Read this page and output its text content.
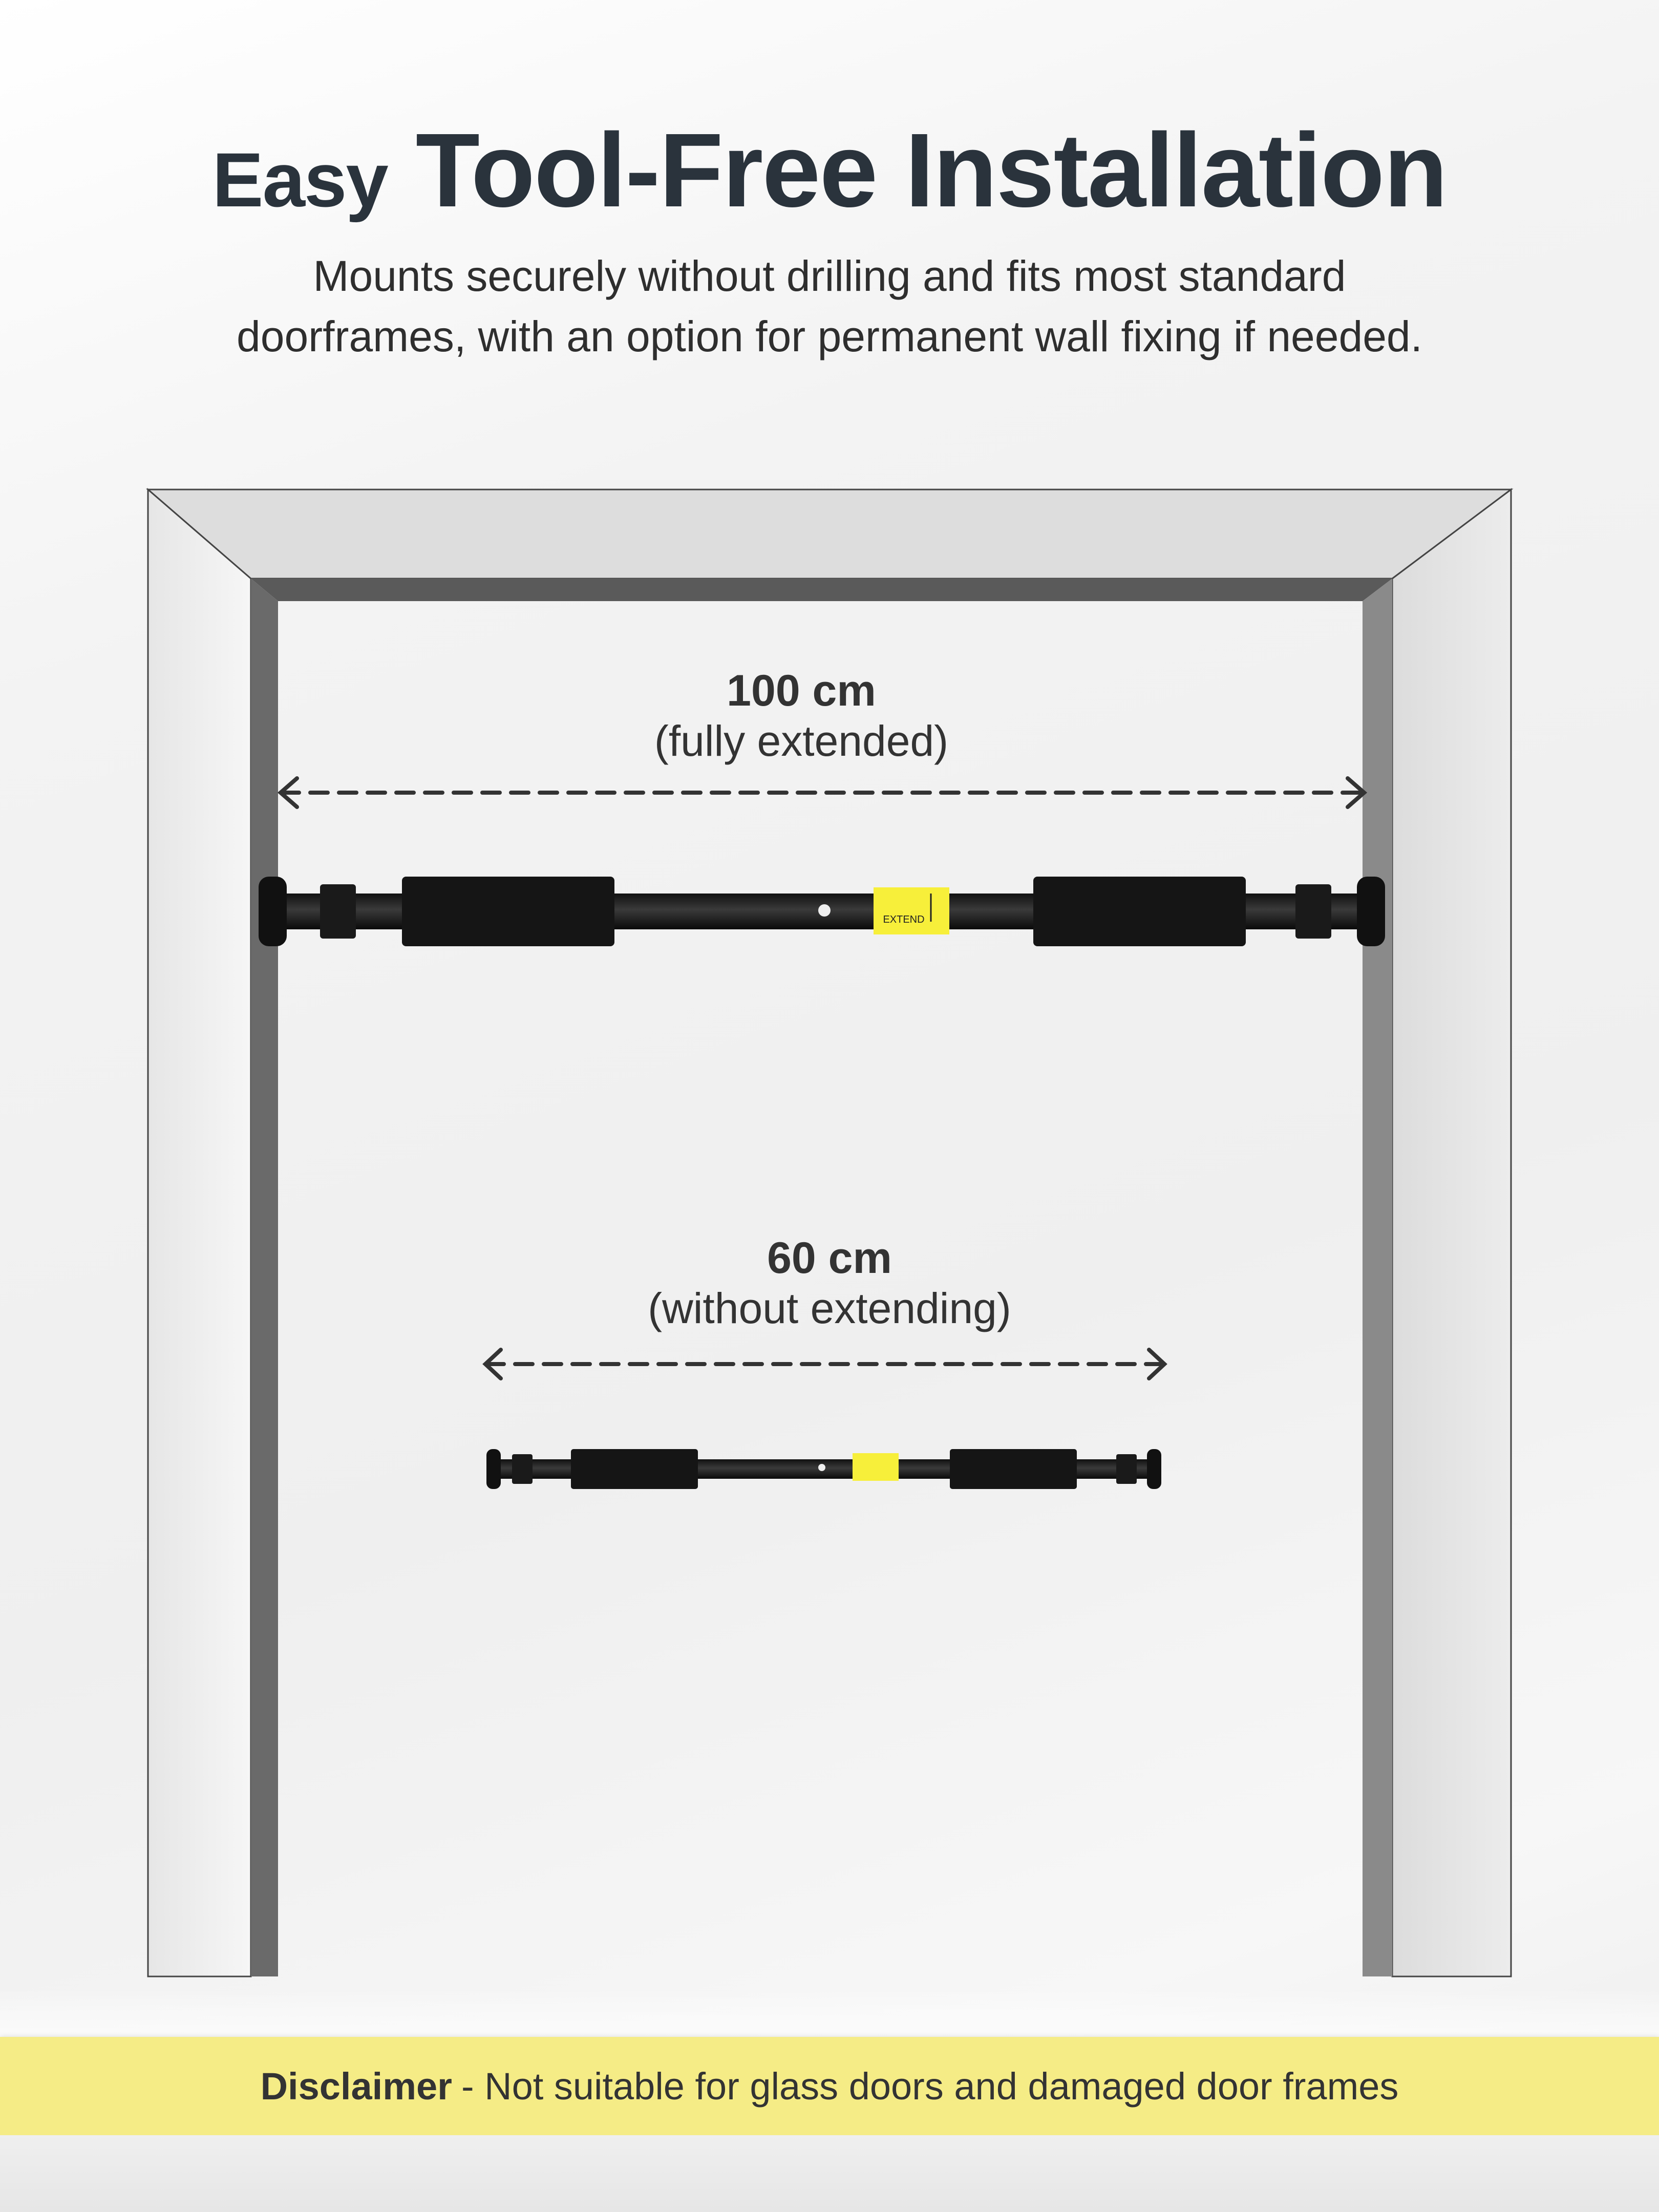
EXTEND
Easy Tool-Free Installation
Mounts securely without drilling and fits most standard
doorframes, with an option for permanent wall fixing if needed.
100 cm
(fully extended)
60 cm
(without extending)
Disclaimer - Not suitable for glass doors and damaged door frames
